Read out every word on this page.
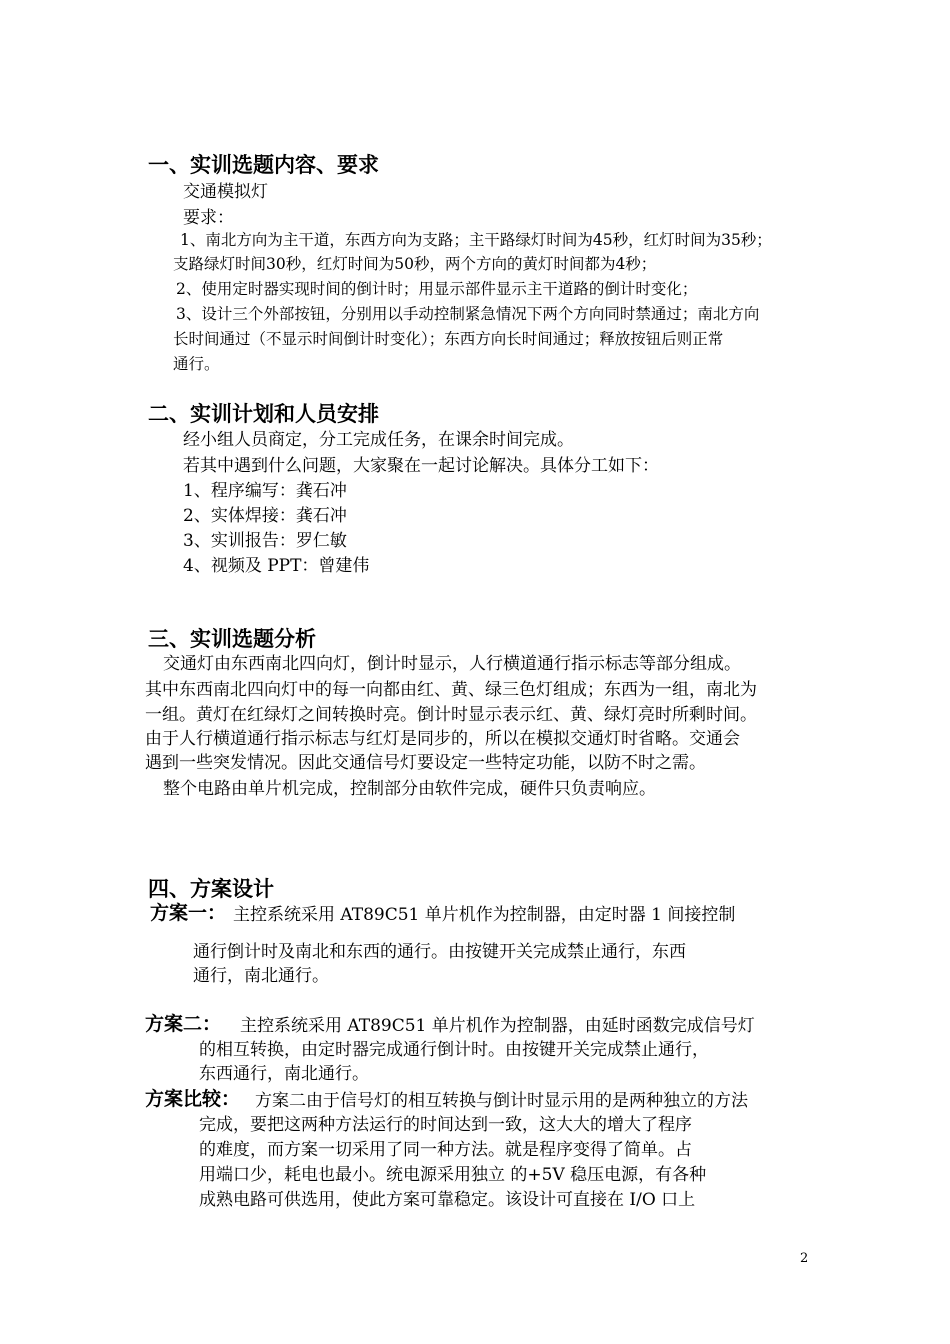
一、实训选题内容、要求
交通模拟灯
要求：
1、南北方向为主干道，东西方向为支路；主干路绿灯时间为45秒，红灯时间为35秒；
支路绿灯时间30秒，红灯时间为50秒，两个方向的黄灯时间都为4秒；
2、使用定时器实现时间的倒计时；用显示部件显示主干道路的倒计时变化；
3、设计三个外部按钮，分别用以手动控制紧急情况下两个方向同时禁通过；南北方向
长时间通过（不显示时间倒计时变化）；东西方向长时间通过；释放按钮后则正常
通行。
二、实训计划和人员安排
经小组人员商定，分工完成任务，在课余时间完成。
若其中遇到什么问题，大家聚在一起讨论解决。具体分工如下：
1、程序编写：龚石冲
2、实体焊接：龚石冲
3、实训报告：罗仁敏
4、视频及 PPT：曾建伟
三、实训选题分析
交通灯由东西南北四向灯，倒计时显示，人行横道通行指示标志等部分组成。
其中东西南北四向灯中的每一向都由红、黄、绿三色灯组成；东西为一组，南北为
一组。黄灯在红绿灯之间转换时亮。倒计时显示表示红、黄、绿灯亮时所剩时间。
由于人行横道通行指示标志与红灯是同步的，所以在模拟交通灯时省略。交通会
遇到一些突发情况。因此交通信号灯要设定一些特定功能，以防不时之需。
整个电路由单片机完成，控制部分由软件完成，硬件只负责响应。
四、方案设计
方案一： 主控系统采用 AT89C51 单片机作为控制器，由定时器 1 间接控制
通行倒计时及南北和东西的通行。由按键开关完成禁止通行，东西
通行，南北通行。
方案二： 主控系统采用 AT89C51 单片机作为控制器，由延时函数完成信号灯
的相互转换，由定时器完成通行倒计时。由按键开关完成禁止通行，
东西通行，南北通行。
方案比较： 方案二由于信号灯的相互转换与倒计时显示用的是两种独立的方法
完成，要把这两种方法运行的时间达到一致，这大大的增大了程序
的难度，而方案一切采用了同一种方法。就是程序变得了简单。占
用端口少，耗电也最小。统电源采用独立 的+5V 稳压电源，有各种
成熟电路可供选用，使此方案可靠稳定。该设计可直接在 I/O 口上
2
